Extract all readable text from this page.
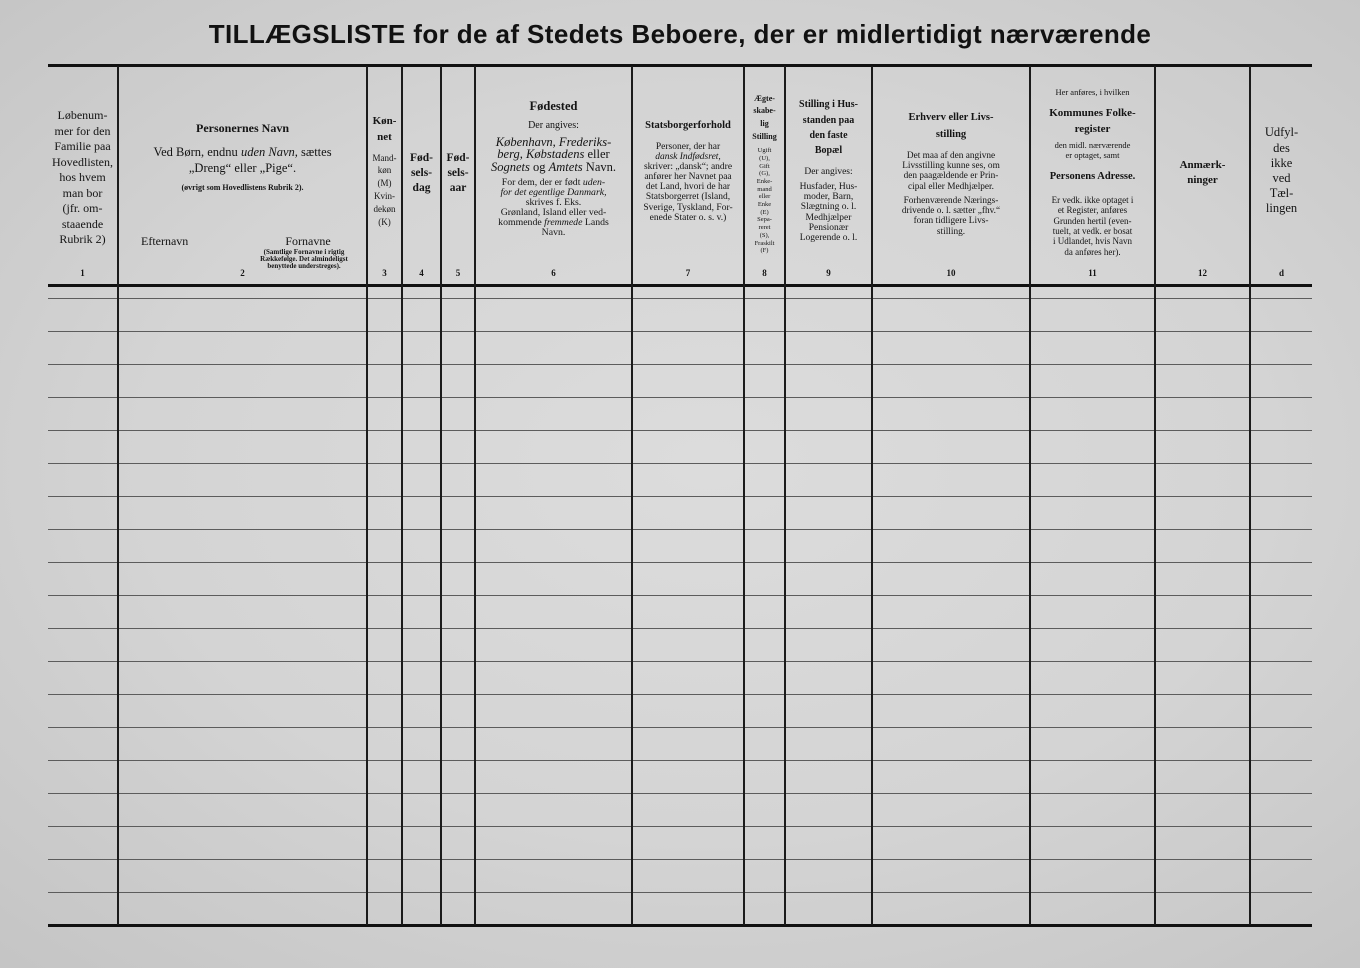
TILLÆGSLISTE for de af Stedets Beboere, der er midlertidigt nærværende
Løbenum-
mer for den
Familie paa
Hovedlisten,
hos hvem
man bor
(jfr. om-
staaende
Rubrik 2)
1
Personernes Navn
Ved Børn, endnu uden Navn, sættes
„Dreng“ eller „Pige“.
(øvrigt som Hovedlistens Rubrik 2).
Efternavn	Fornavne
(Samtlige Fornavne i rigtig
Rækkefølge. Det almindeligst
benyttede understreges).
2
Køn-
net
Mand-
køn
(M)
Kvin-
dekøn
(K)
3
Fød-
sels-
dag
4
Fød-
sels-
aar
5
Fødested
Der angives:
København, Frederiks-
berg, Købstadens eller
Sognets og Amtets Navn.
For dem, der er født uden-
for det egentlige Danmark,
skrives f. Eks.
Grønland, Island eller ved-
kommende fremmede Lands
Navn.
6
Statsborgerforhold
Personer, der har
dansk Indfødsret,
skriver: „dansk“; andre
anfører her Navnet paa
det Land, hvori de har
Statsborgerret (Island,
Sverige, Tyskland, For-
enede Stater o. s. v.)
7
Ægte-
skabe-
lig
Stilling
Ugift
(U),
Gift
(G),
Enke-
mand
eller
Enke
(E)
Sepa-
reret
(S),
Fraskilt
(F)
8
Stilling i Hus-
standen paa
den faste
Bopæl
Der angives:
Husfader, Hus-
moder, Barn,
Slægtning o. l.
Medhjælper
Pensionær
Logerende o. l.
9
Erhverv eller Livs-
stilling
Det maa af den angivne
Livsstilling kunne ses, om
den paagældende er Prin-
cipal eller Medhjælper.
Forhenværende Nærings-
drivende o. l. sætter „fhv.“
foran tidligere Livs-
stilling.
10
Her anføres, i hvilken
Kommunes Folke-
register
den midl. nærværende
er optaget, samt
Personens Adresse.
Er vedk. ikke optaget i
et Register, anføres
Grunden hertil (even-
tuelt, at vedk. er bosat
i Udlandet, hvis Navn
da anføres her).
11
Anmærk-
ninger
12
Udfyl-
des
ikke
ved
Tæl-
lingen
d
